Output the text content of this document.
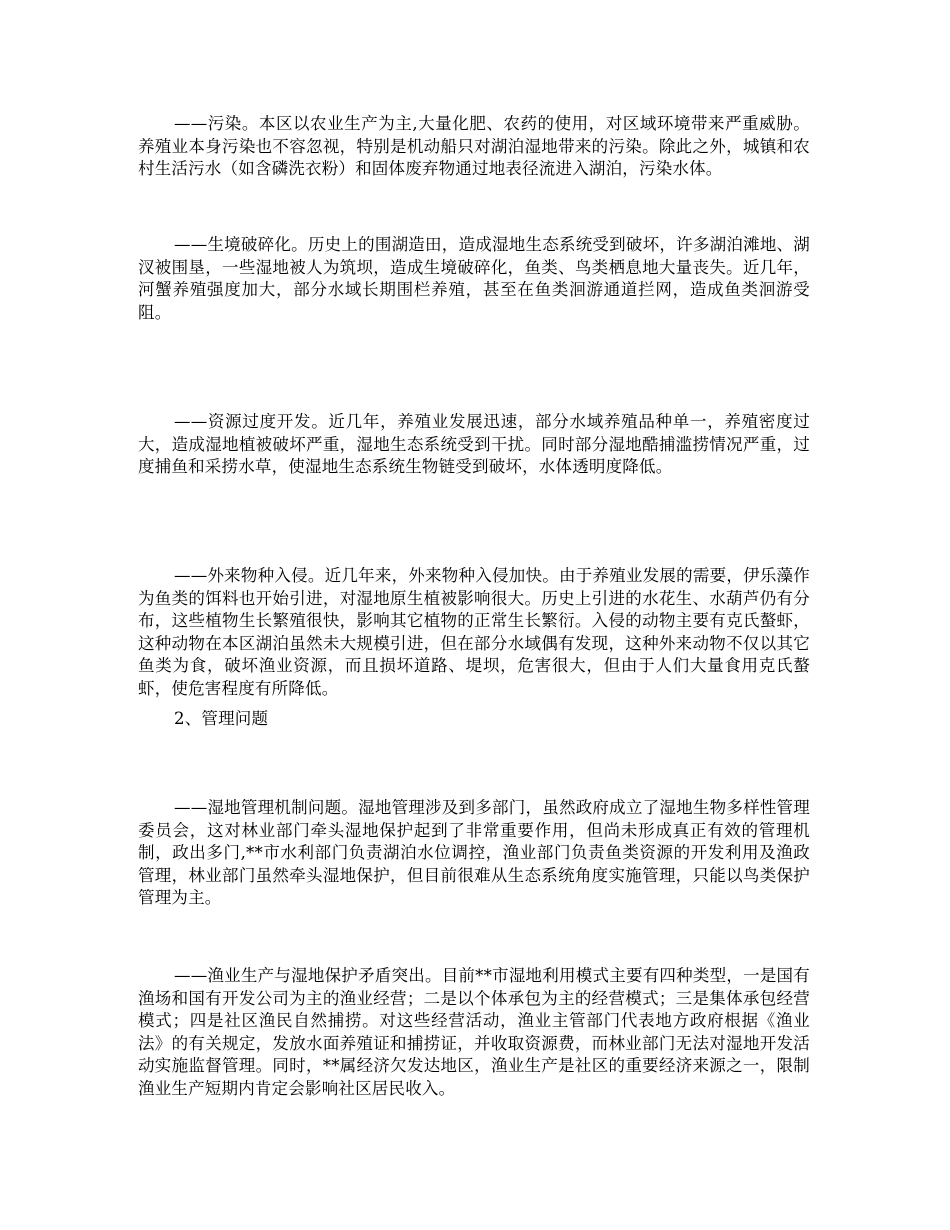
——污染。本区以农业生产为主,大量化肥、农药的使用，对区域环境带来严重威胁。养殖业本身污染也不容忽视，特别是机动船只对湖泊湿地带来的污染。除此之外，城镇和农村生活污水（如含磷洗衣粉）和固体废弃物通过地表径流进入湖泊，污染水体。

——生境破碎化。历史上的围湖造田，造成湿地生态系统受到破坏，许多湖泊滩地、湖汊被围垦，一些湿地被人为筑坝，造成生境破碎化，鱼类、鸟类栖息地大量丧失。近几年，河蟹养殖强度加大，部分水域长期围栏养殖，甚至在鱼类洄游通道拦网，造成鱼类洄游受阻。

——资源过度开发。近几年，养殖业发展迅速，部分水域养殖品种单一，养殖密度过大，造成湿地植被破坏严重，湿地生态系统受到干扰。同时部分湿地酷捕滥捞情况严重，过度捕鱼和采捞水草，使湿地生态系统生物链受到破坏，水体透明度降低。

——外来物种入侵。近几年来，外来物种入侵加快。由于养殖业发展的需要，伊乐藻作为鱼类的饵料也开始引进，对湿地原生植被影响很大。历史上引进的水花生、水葫芦仍有分布，这些植物生长繁殖很快，影响其它植物的正常生长繁衍。入侵的动物主要有克氏螯虾，这种动物在本区湖泊虽然未大规模引进，但在部分水域偶有发现，这种外来动物不仅以其它鱼类为食，破坏渔业资源，而且损坏道路、堤坝，危害很大，但由于人们大量食用克氏螯虾，使危害程度有所降低。

2、管理问题

——湿地管理机制问题。湿地管理涉及到多部门，虽然政府成立了湿地生物多样性管理委员会，这对林业部门牵头湿地保护起到了非常重要作用，但尚未形成真正有效的管理机制，政出多门,**市水利部门负责湖泊水位调控，渔业部门负责鱼类资源的开发利用及渔政管理，林业部门虽然牵头湿地保护，但目前很难从生态系统角度实施管理，只能以鸟类保护管理为主。

——渔业生产与湿地保护矛盾突出。目前**市湿地利用模式主要有四种类型，一是国有渔场和国有开发公司为主的渔业经营；二是以个体承包为主的经营模式；三是集体承包经营模式；四是社区渔民自然捕捞。对这些经营活动，渔业主管部门代表地方政府根据《渔业法》的有关规定，发放水面养殖证和捕捞证，并收取资源费，而林业部门无法对湿地开发活动实施监督管理。同时，**属经济欠发达地区，渔业生产是社区的重要经济来源之一，限制渔业生产短期内肯定会影响社区居民收入。
